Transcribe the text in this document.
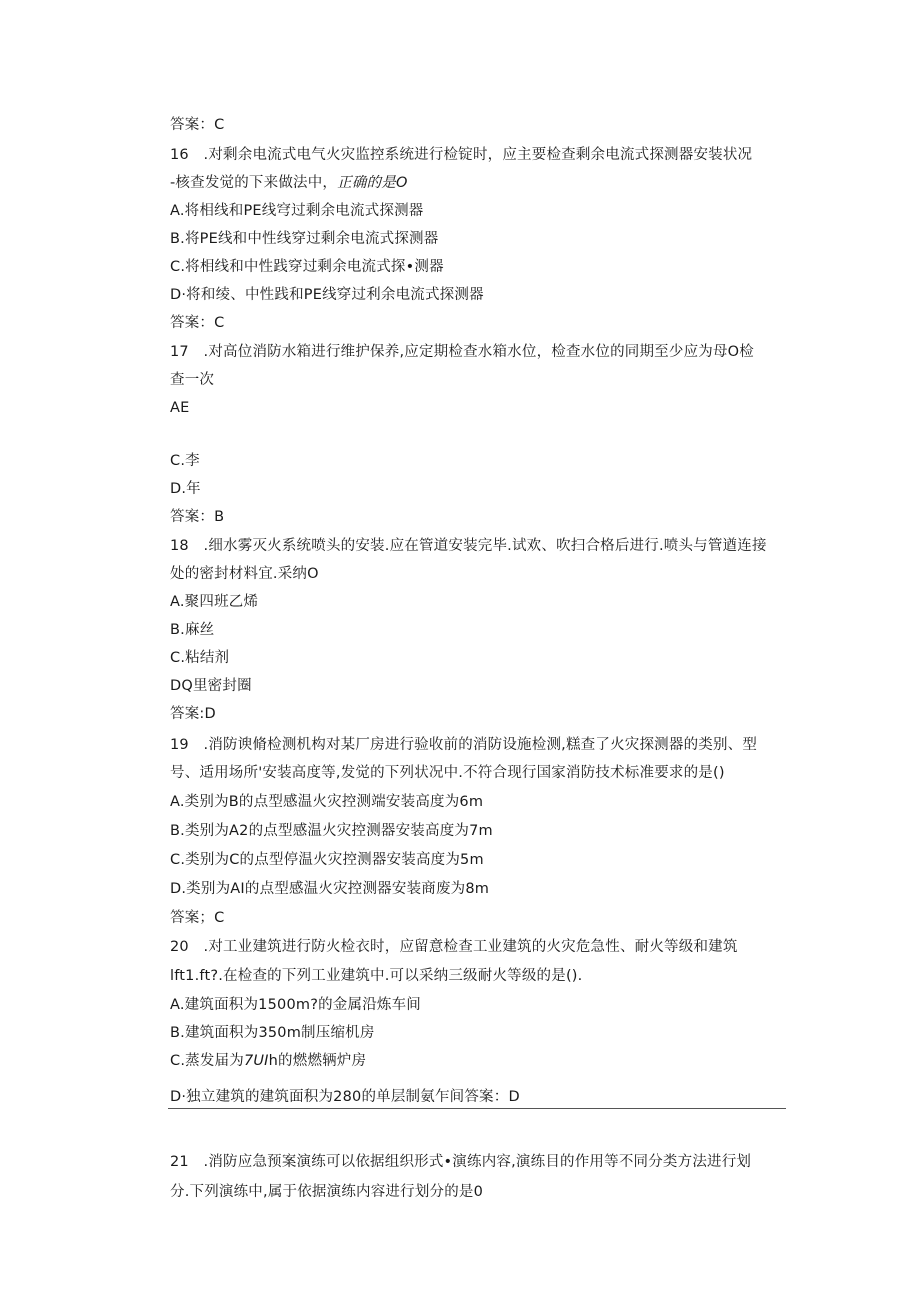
答案：C
16　.对剩余电流式电气火灾监控系统进行检锭时，应主要检查剩余电流式探测器安装状况
-核查发觉的下来做法中，正确的是O
A.将相线和PE线穹过剩余电流式探测器
B.将PE线和中性线穿过剩余电流式探测器
C.将相线和中性践穿过剩余电流式探•测器
D·将和绫、中性践和PE线穿过利余电流式探测器
答案：C
17　.对高位消防水箱进行维护保养,应定期检查水箱水位，检查水位的同期至少应为母O检
查一次
AE
C.李
D.年
答案：B
18　.细水雾灭火系统喷头的安装.应在管道安装完毕.试欢、吹扫合格后进行.喷头与管遒连接
处的密封材料宜.采纳O
A.聚四班乙烯
B.麻丝
C.粘结剂
DQ里密封圈
答案:D
19　.消防谀脩检测机构对某厂房进行验收前的消防设施检测,糕查了火灾探测器的类别、型
号、适用场所'安装高度等,发觉的下列状况中.不符合现行国家消防技术标准要求的是()
A.类别为B的点型感温火灾控测端安装高度为6m
B.类别为A2的点型感温火灾控测器安装高度为7m
C.类别为C的点型停温火灾控测器安装高度为5m
D.类别为AI的点型感温火灾控测器安装商废为8m
答案；C
20　.对工业建筑进行防火检衣时，应留意检查工业建筑的火灾危急性、耐火等级和建筑
lft1.ft?.在检查的下列工业建筑中.可以采纳三级耐火等级的是().
A.建筑面积为1500m?的金属沿炼车间
B.建筑面积为350m制压缩机房
C.蒸发届为7UIh的燃燃辆炉房
D·独立建筑的建筑面积为280的单层制氨乍间答案：D
21　.消防应急预案演练可以依据组织形式•演练内容,演练目的作用等不同分类方法进行划
分.下列演练中,属于依据演练内容进行划分的是0
